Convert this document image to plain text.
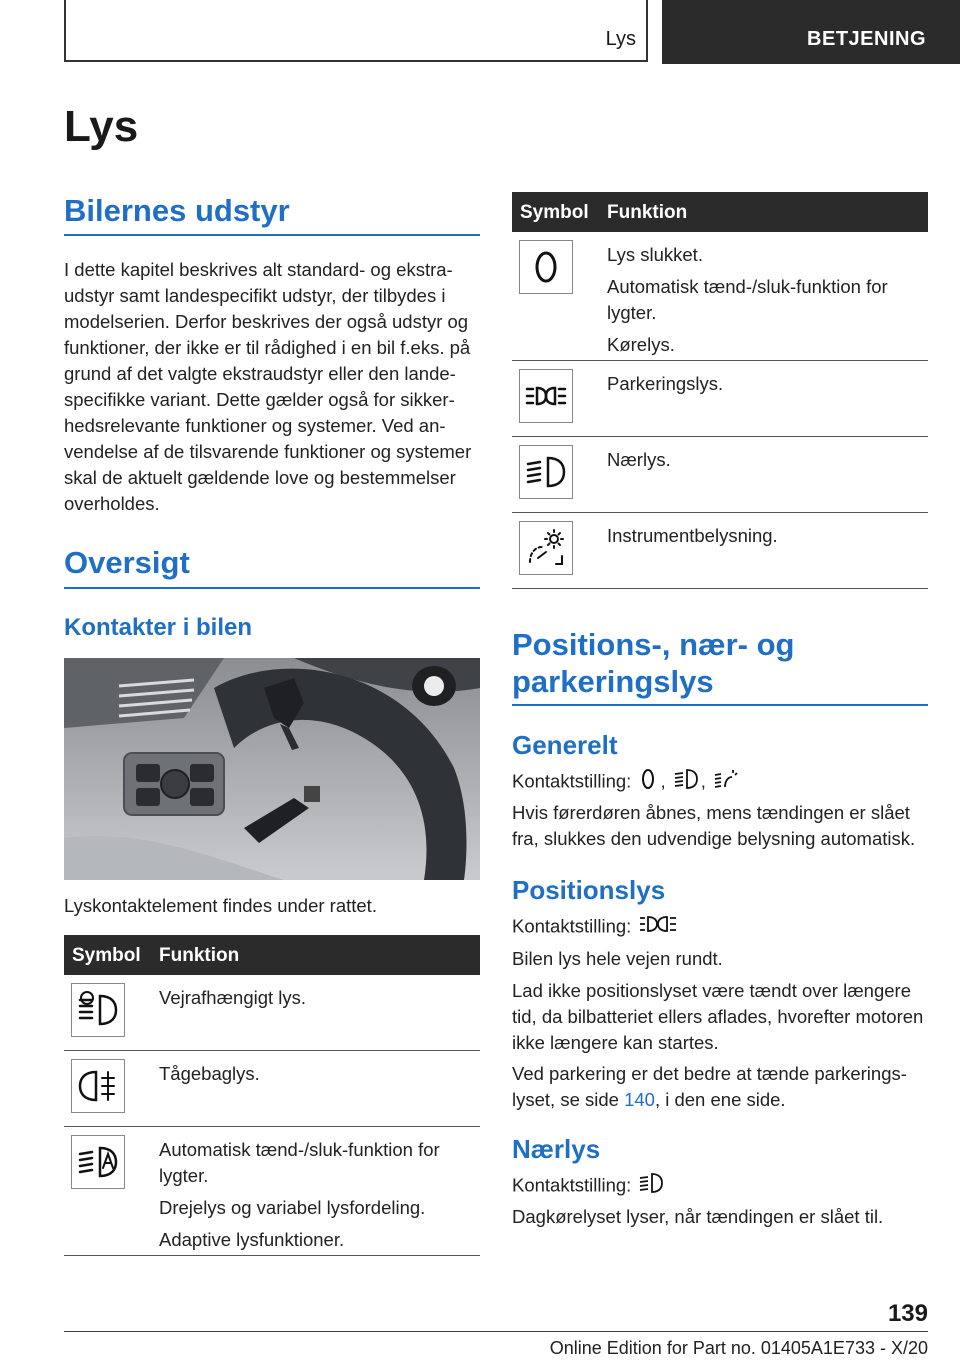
Lys	BETJENING
Lys
Bilernes udstyr
I dette kapitel beskrives alt standard- og ekstraudstyr samt landespecifikt udstyr, der tilbydes i modelserien. Derfor beskrives der også udstyr og funktioner, der ikke er til rådighed i en bil f.eks. på grund af det valgte ekstraudstyr eller den landespecifikke variant. Dette gælder også for sikkerhedsrelevante funktioner og systemer. Ved anvendelse af de tilsvarende funktioner og systemer skal de aktuelt gældende love og bestemmelser overholdes.
Oversigt
Kontakter i bilen
Lyskontaktelement findes under rattet.
Symbol Funktion

Vejrafhængigt lys.

Tågebaglys.

Automatisk tænd-/sluk-funktion for lygter.

Drejelys og variabel lysfordeling.

Adaptive lysfunktioner.

Symbol Funktion

Lys slukket.

Automatisk tænd-/sluk-funktion for lygter.

Kørelys.

Parkeringslys.

Nærlys.

Instrumentbelysning.

Positions-, nær- og parkeringslys
Generelt
Kontaktstilling: , ,
Hvis førerdøren åbnes, mens tændingen er slået fra, slukkes den udvendige belysning automatisk.
Positionslys
Kontaktstilling:
Bilen lys hele vejen rundt.
Lad ikke positionslyset være tændt over længere tid, da bilbatteriet ellers aflades, hvorefter motoren ikke længere kan startes.
Ved parkering er det bedre at tænde parkeringslyset, se side 140, i den ene side.
Nærlys
Kontaktstilling:
Dagkørelyset lyser, når tændingen er slået til.
139
Online Edition for Part no. 01405A1E733 - X/20
